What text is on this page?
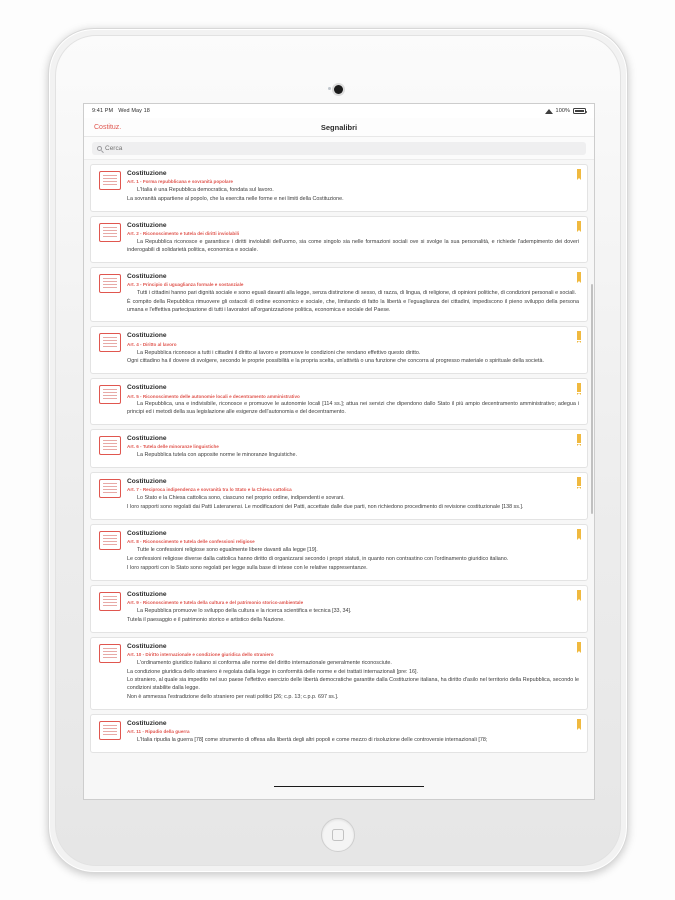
9:41 PM Wed May 18	100%
Costituz.	Segnalibri
Cerca
Costituzione
Art. 1 - Forma repubblicana e sovranità popolare

L'Italia è una Repubblica democratica, fondata sul lavoro.

La sovranità appartiene al popolo, che la esercita nelle forme e nei limiti della Costituzione.

Costituzione
Art. 2 - Riconoscimento e tutela dei diritti inviolabili

La Repubblica riconosce e garantisce i diritti inviolabili dell'uomo, sia come singolo sia nelle formazioni sociali ove si svolge la sua personalità, e richiede l'adempimento dei doveri inderogabili di solidarietà politica, economica e sociale.

Costituzione
Art. 3 - Principio di uguaglianza formale e sostanziale

Tutti i cittadini hanno pari dignità sociale e sono eguali davanti alla legge, senza distinzione di sesso, di razza, di lingua, di religione, di opinioni politiche, di condizioni personali e sociali.

È compito della Repubblica rimuovere gli ostacoli di ordine economico e sociale, che, limitando di fatto la libertà e l'eguaglianza dei cittadini, impediscono il pieno sviluppo della persona umana e l'effettiva partecipazione di tutti i lavoratori all'organizzazione politica, economica e sociale del Paese.

Costituzione
Art. 4 - Diritto al lavoro

La Repubblica riconosce a tutti i cittadini il diritto al lavoro e promuove le condizioni che rendano effettivo questo diritto.

Ogni cittadino ha il dovere di svolgere, secondo le proprie possibilità e la propria scelta, un'attività o una funzione che concorra al progresso materiale o spirituale della società.

Costituzione
Art. 5 - Riconoscimento delle autonomie locali e decentramento amministrativo

La Repubblica, una e indivisibile, riconosce e promuove le autonomie locali [114 ss.]; attua nei servizi che dipendono dallo Stato il più ampio decentramento amministrativo; adegua i principi ed i metodi della sua legislazione alle esigenze dell'autonomia e del decentramento.

Costituzione
Art. 6 - Tutela delle minoranze linguistiche

La Repubblica tutela con apposite norme le minoranze linguistiche.

Costituzione
Art. 7 - Reciproca indipendenza e sovranità tra lo Stato e la Chiesa cattolica

Lo Stato e la Chiesa cattolica sono, ciascuno nel proprio ordine, indipendenti e sovrani.

I loro rapporti sono regolati dai Patti Lateranensi. Le modificazioni dei Patti, accettate dalle due parti, non richiedono procedimento di revisione costituzionale [138 ss.].

Costituzione
Art. 8 - Riconoscimento e tutela delle confessioni religiose

Tutte le confessioni religiose sono egualmente libere davanti alla legge [19].

Le confessioni religiose diverse dalla cattolica hanno diritto di organizzarsi secondo i propri statuti, in quanto non contrastino con l'ordinamento giuridico italiano.

I loro rapporti con lo Stato sono regolati per legge sulla base di intese con le relative rappresentanze.

Costituzione
Art. 9 - Riconoscimento e tutela della cultura e del patrimonio storico-ambientale

La Repubblica promuove lo sviluppo della cultura e la ricerca scientifica e tecnica [33, 34].

Tutela il paesaggio e il patrimonio storico e artistico della Nazione.

Costituzione
Art. 10 - Diritto internazionale e condizione giuridica dello straniero

L'ordinamento giuridico italiano si conforma alle norme del diritto internazionale generalmente riconosciute.

La condizione giuridica dello straniero è regolata dalla legge in conformità delle norme e dei trattati internazionali [pre: 16].

Lo straniero, al quale sia impedito nel suo paese l'effettivo esercizio delle libertà democratiche garantite dalla Costituzione italiana, ha diritto d'asilo nel territorio della Repubblica, secondo le condizioni stabilite dalla legge.

Non è ammessa l'estradizione dello straniero per reati politici [26; c.p. 13; c.p.p. 697 ss.].

Costituzione
Art. 11 - Ripudio della guerra

L'Italia ripudia la guerra [78] come strumento di offesa alla libertà degli altri popoli e come mezzo di risoluzione delle controversie internazionali [78;
